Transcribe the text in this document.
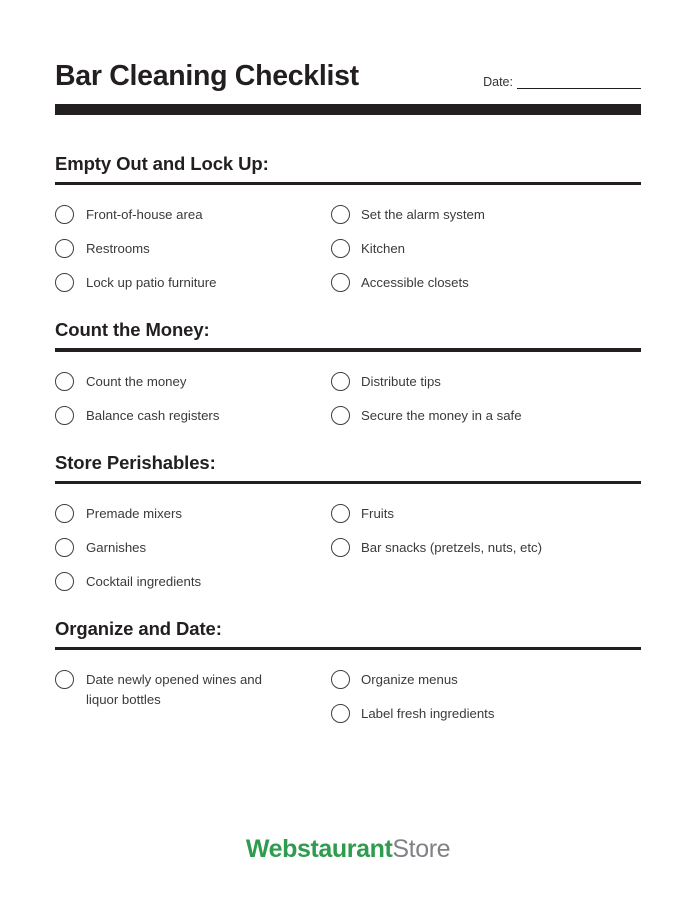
Bar Cleaning Checklist	Date:
Empty Out and Lock Up:
Front-of-house area
Restrooms
Lock up patio furniture
Set the alarm system
Kitchen
Accessible closets
Count the Money:
Count the money
Balance cash registers
Distribute tips
Secure the money in a safe
Store Perishables:
Premade mixers
Garnishes
Cocktail ingredients
Fruits
Bar snacks (pretzels, nuts, etc)
Organize and Date:
Date newly opened wines and liquor bottles
Organize menus
Label fresh ingredients
WebstaurantStore
